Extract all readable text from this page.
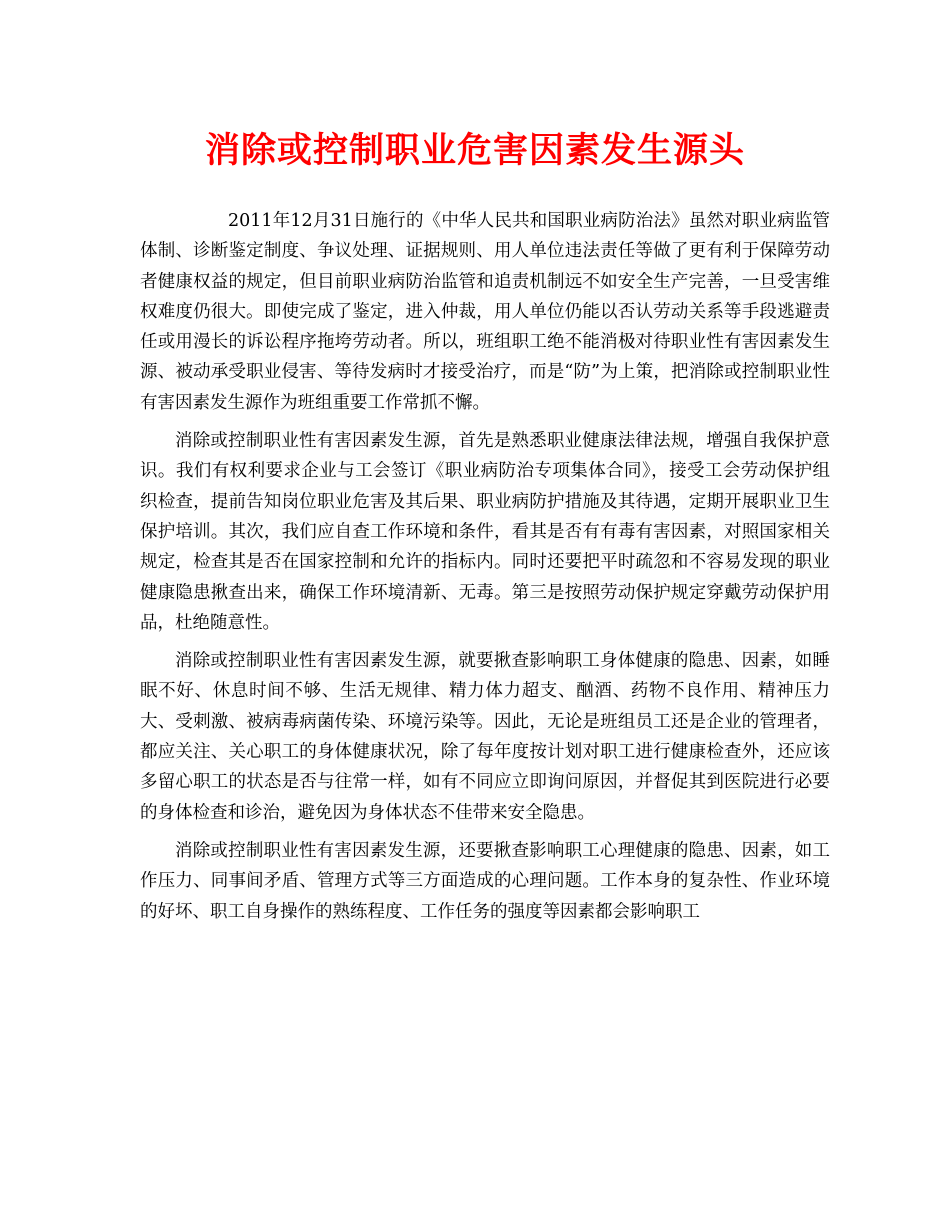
消除或控制职业危害因素发生源头

2011年12月31日施行的《中华人民共和国职业病防治法》虽然对职业病监管体制、诊断鉴定制度、争议处理、证据规则、用人单位违法责任等做了更有利于保障劳动者健康权益的规定，但目前职业病防治监管和追责机制远不如安全生产完善，一旦受害维权难度仍很大。即使完成了鉴定，进入仲裁，用人单位仍能以否认劳动关系等手段逃避责任或用漫长的诉讼程序拖垮劳动者。所以，班组职工绝不能消极对待职业性有害因素发生源、被动承受职业侵害、等待发病时才接受治疗，而是“防”为上策，把消除或控制职业性有害因素发生源作为班组重要工作常抓不懈。

消除或控制职业性有害因素发生源，首先是熟悉职业健康法律法规，增强自我保护意识。我们有权利要求企业与工会签订《职业病防治专项集体合同》，接受工会劳动保护组织检查，提前告知岗位职业危害及其后果、职业病防护措施及其待遇，定期开展职业卫生保护培训。其次，我们应自查工作环境和条件，看其是否有有毒有害因素，对照国家相关规定，检查其是否在国家控制和允许的指标内。同时还要把平时疏忽和不容易发现的职业健康隐患揪查出来，确保工作环境清新、无毒。第三是按照劳动保护规定穿戴劳动保护用品，杜绝随意性。

消除或控制职业性有害因素发生源，就要揪查影响职工身体健康的隐患、因素，如睡眠不好、休息时间不够、生活无规律、精力体力超支、酗酒、药物不良作用、精神压力大、受刺激、被病毒病菌传染、环境污染等。因此，无论是班组员工还是企业的管理者，都应关注、关心职工的身体健康状况，除了每年度按计划对职工进行健康检查外，还应该多留心职工的状态是否与往常一样，如有不同应立即询问原因，并督促其到医院进行必要的身体检查和诊治，避免因为身体状态不佳带来安全隐患。

消除或控制职业性有害因素发生源，还要揪查影响职工心理健康的隐患、因素，如工作压力、同事间矛盾、管理方式等三方面造成的心理问题。工作本身的复杂性、作业环境的好坏、职工自身操作的熟练程度、工作任务的强度等因素都会影响职工
